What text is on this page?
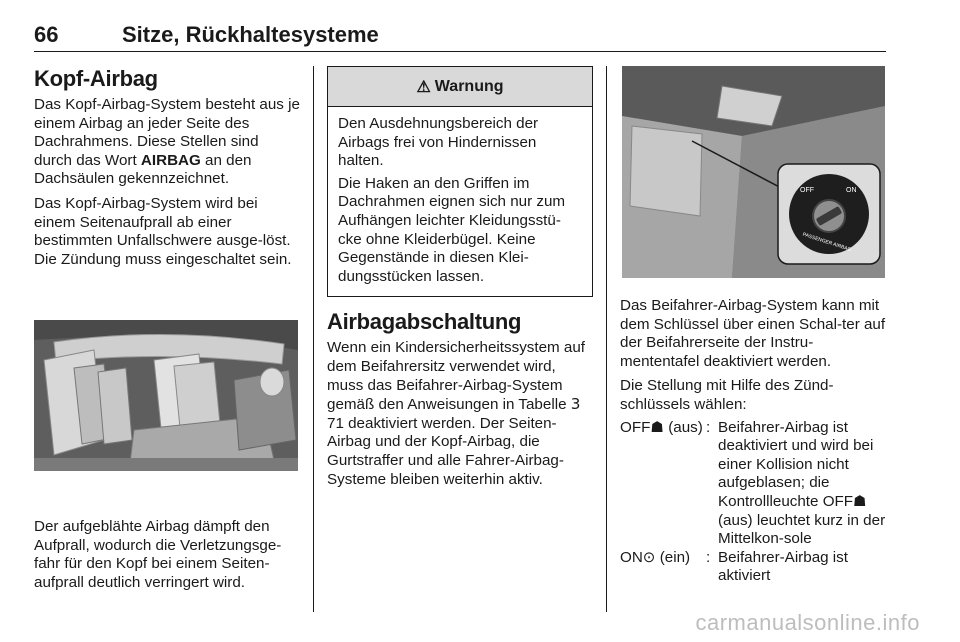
66	Sitze, Rückhaltesysteme
Kopf-Airbag

Das Kopf-Airbag-System besteht aus je einem Airbag an jeder Seite des Dachrahmens. Diese Stellen sind durch das Wort AIRBAG an den Dachsäulen gekennzeichnet.

Das Kopf-Airbag-System wird bei einem Seitenaufprall ab einer bestimmten Unfallschwere ausge-löst. Die Zündung muss eingeschaltet sein.

Der aufgeblähte Airbag dämpft den Aufprall, wodurch die Verletzungsge-fahr für den Kopf bei einem Seiten-aufprall deutlich verringert wird.

⚠ Warnung

Den Ausdehnungsbereich der Airbags frei von Hindernissen halten.

Die Haken an den Griffen im Dachrahmen eignen sich nur zum Aufhängen leichter Kleidungsstü-cke ohne Kleiderbügel. Keine Gegenstände in diesen Klei-dungsstücken lassen.

Airbagabschaltung

Wenn ein Kindersicherheitssystem auf dem Beifahrersitz verwendet wird, muss das Beifahrer-Airbag-System gemäß den Anweisungen in Tabelle 3 71 deaktiviert werden. Der Seiten-Airbag und der Kopf-Airbag, die Gurtstraffer und alle Fahrer-Airbag-Systeme bleiben weiterhin aktiv.

OFF	ON
PASSENGER AIRBAG

Das Beifahrer-Airbag-System kann mit dem Schlüssel über einen Schal-ter auf der Beifahrerseite der Instru-mententafel deaktiviert werden.

Die Stellung mit Hilfe des Zünd-schlüssels wählen:

OFF☗ (aus) : Beifahrer-Airbag ist deaktiviert und wird bei einer Kollision nicht aufgeblasen; die Kontrollleuchte OFF☗ (aus) leuchtet kurz in der Mittelkon-sole
ON⊙ (ein)	: Beifahrer-Airbag ist aktiviert
carmanualsonline.info
